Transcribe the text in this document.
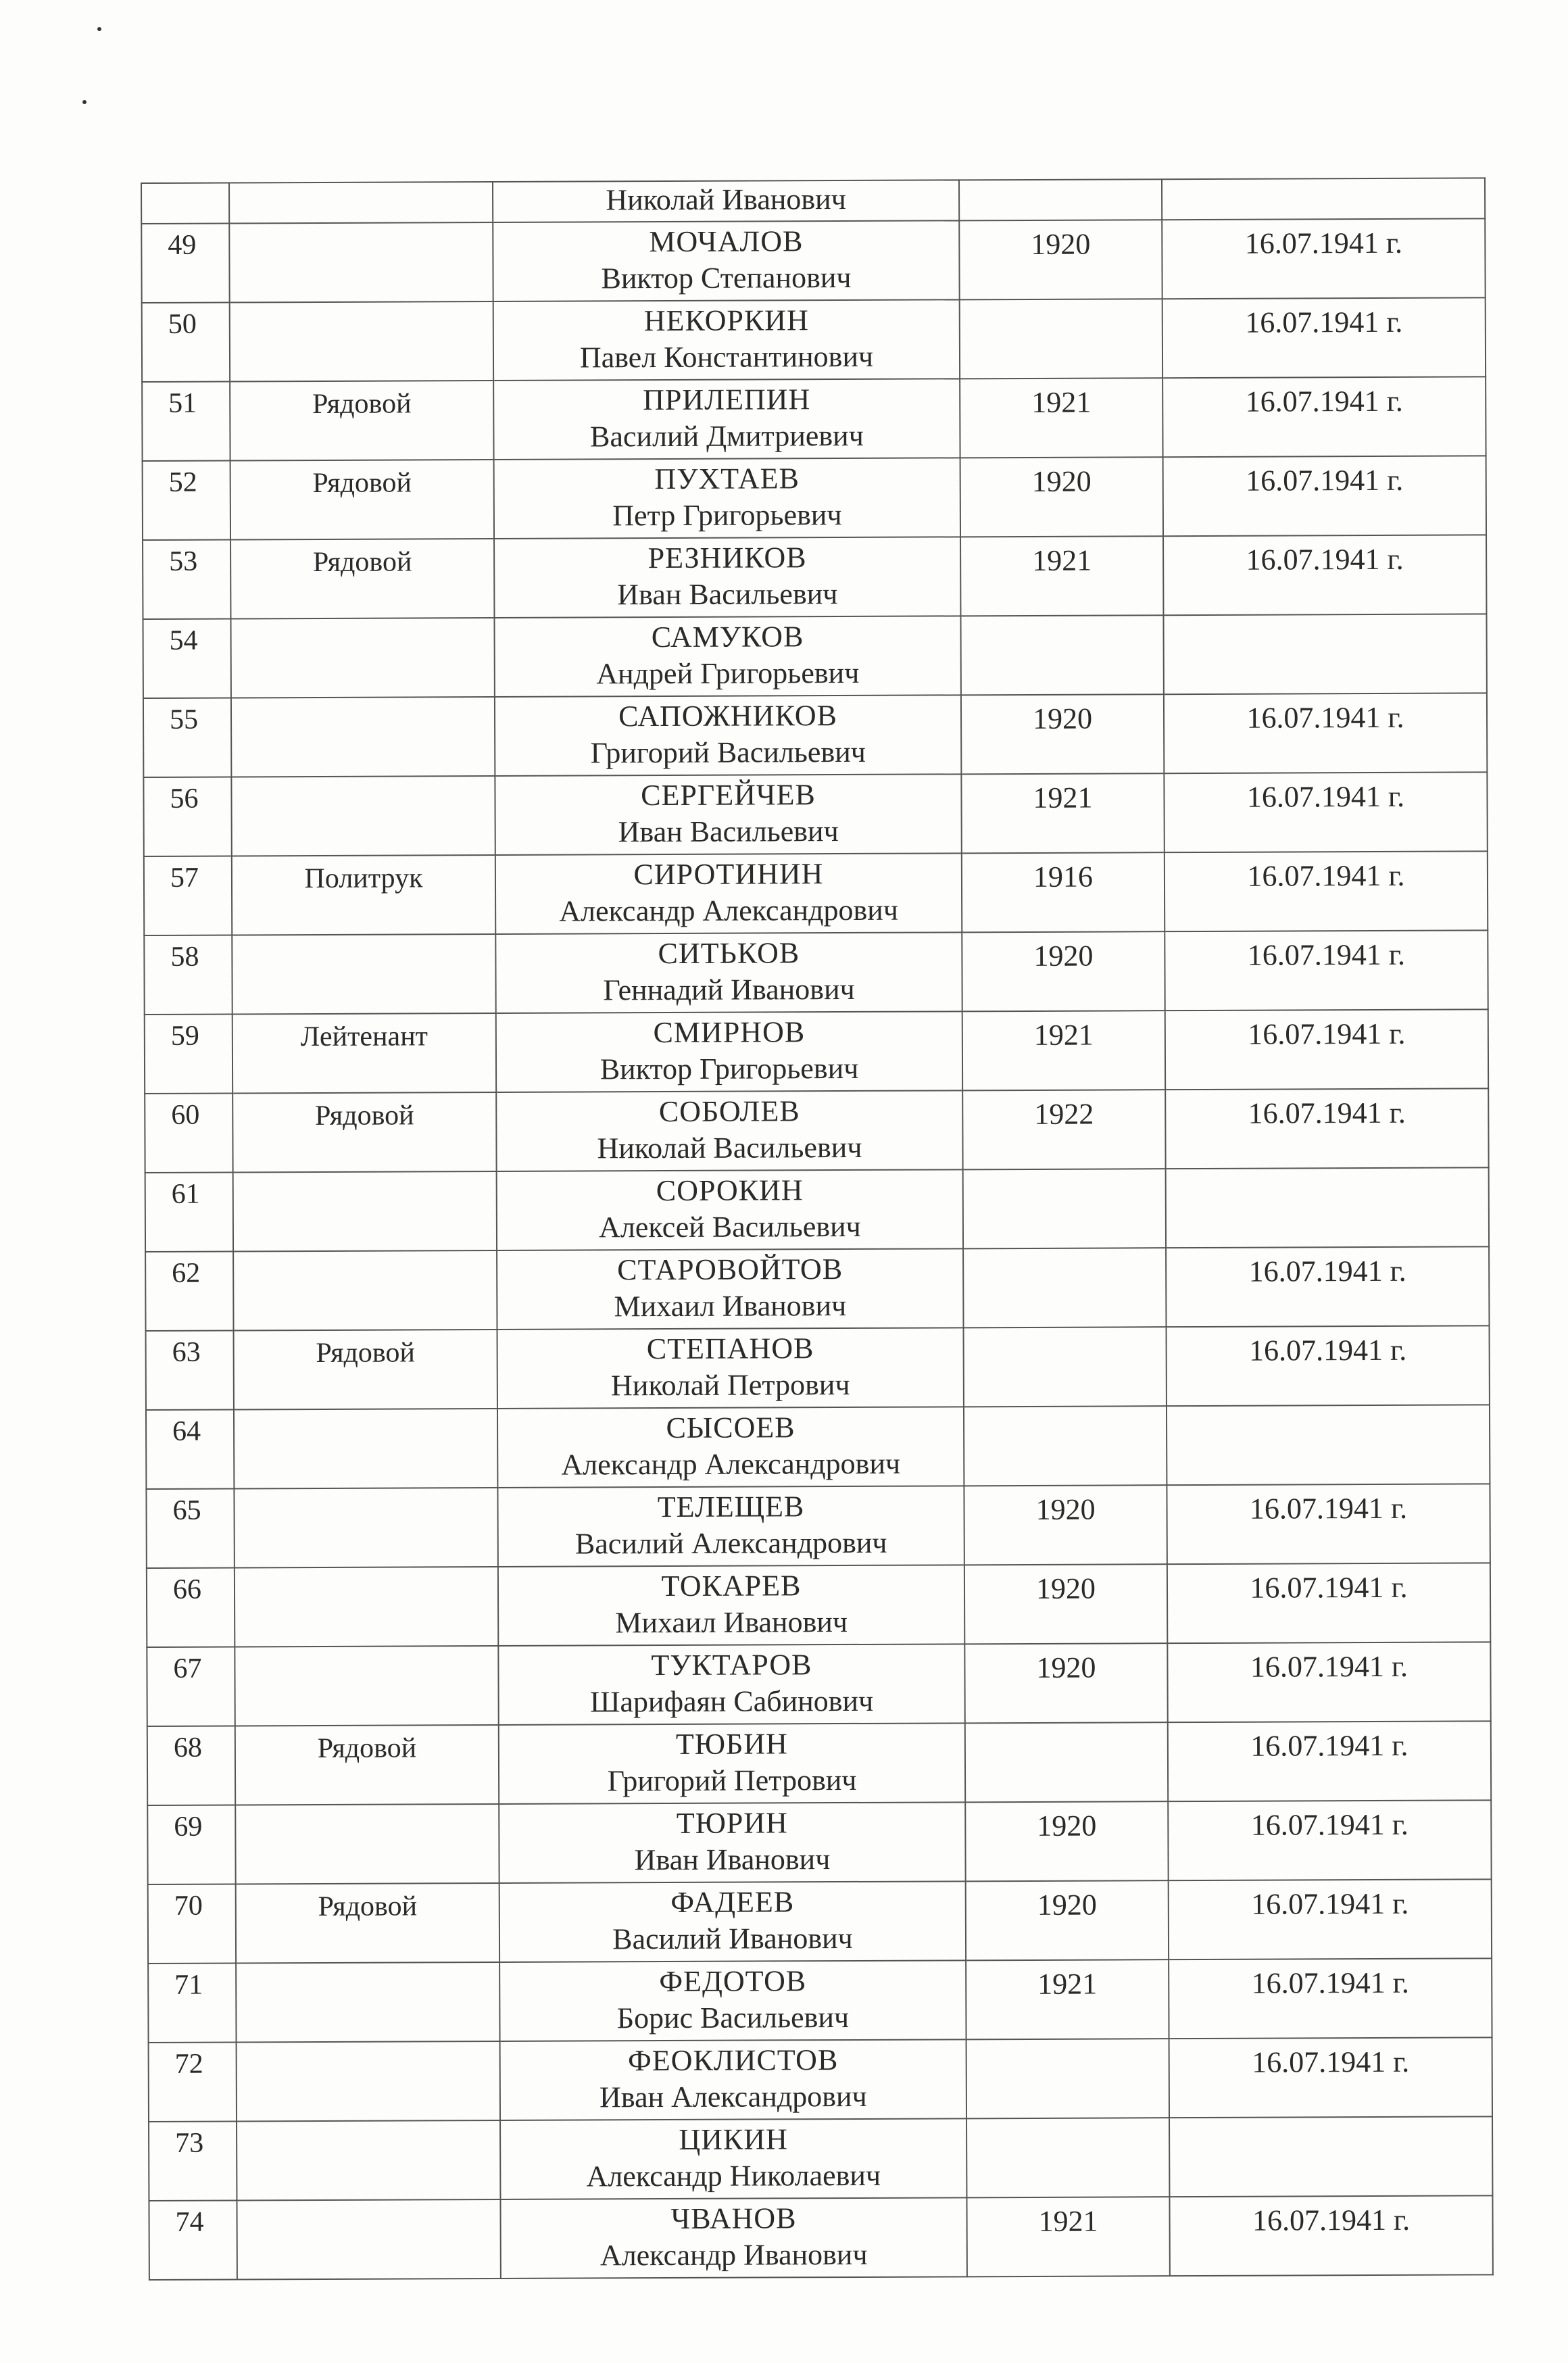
		Николай Иванович		

49		МОЧАЛОВ
Виктор Степанович	1920	16.07.1941 г.

50		НЕКОРКИН
Павел Константинович		16.07.1941 г.

51	Рядовой	ПРИЛЕПИН
Василий Дмитриевич	1921	16.07.1941 г.

52	Рядовой	ПУХТАЕВ
Петр Григорьевич	1920	16.07.1941 г.

53	Рядовой	РЕЗНИКОВ
Иван Васильевич	1921	16.07.1941 г.

54		САМУКОВ
Андрей Григорьевич		

55		САПОЖНИКОВ
Григорий Васильевич	1920	16.07.1941 г.

56		СЕРГЕЙЧЕВ
Иван Васильевич	1921	16.07.1941 г.

57	Политрук	СИРОТИНИН
Александр Александрович	1916	16.07.1941 г.

58		СИТЬКОВ
Геннадий Иванович	1920	16.07.1941 г.

59	Лейтенант	СМИРНОВ
Виктор Григорьевич	1921	16.07.1941 г.

60	Рядовой	СОБОЛЕВ
Николай Васильевич	1922	16.07.1941 г.

61		СОРОКИН
Алексей Васильевич		

62		СТАРОВОЙТОВ
Михаил Иванович		16.07.1941 г.

63	Рядовой	СТЕПАНОВ
Николай Петрович		16.07.1941 г.

64		СЫСОЕВ
Александр Александрович		

65		ТЕЛЕЩЕВ
Василий Александрович	1920	16.07.1941 г.

66		ТОКАРЕВ
Михаил Иванович	1920	16.07.1941 г.

67		ТУКТАРОВ
Шарифаян Сабинович	1920	16.07.1941 г.

68	Рядовой	ТЮБИН
Григорий Петрович		16.07.1941 г.

69		ТЮРИН
Иван Иванович	1920	16.07.1941 г.

70	Рядовой	ФАДЕЕВ
Василий Иванович	1920	16.07.1941 г.

71		ФЕДОТОВ
Борис Васильевич	1921	16.07.1941 г.

72		ФЕОКЛИСТОВ
Иван Александрович		16.07.1941 г.

73		ЦИКИН
Александр Николаевич		

74		ЧВАНОВ
Александр Иванович	1921	16.07.1941 г.
